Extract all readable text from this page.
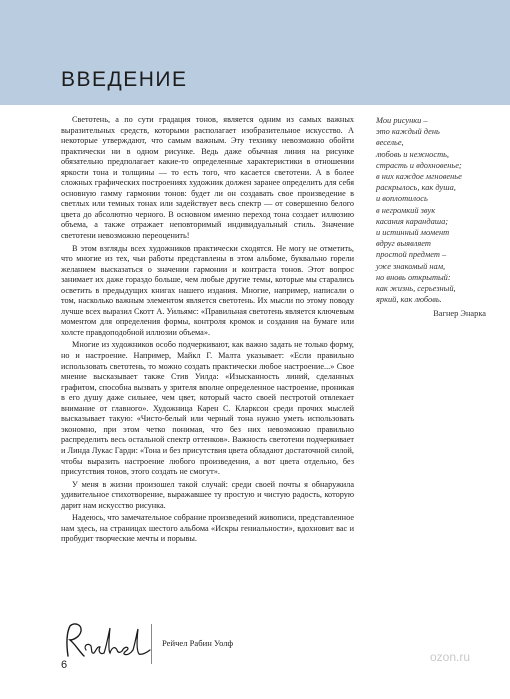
ВВЕДЕНИЕ

Светотень, а по сути градация тонов, является одним из самых важных выразительных средств, которыми располагает изобразительное искусство. А некоторые утверждают, что самым важным. Эту технику невозможно обойти практически ни в одном рисунке. Ведь даже обычная линия на рисунке обязательно предполагает какие-то определенные характеристики в отношении яркости тона и толщины — то есть того, что касается светотени. А в более сложных графических построениях художник должен заранее определить для себя основную гамму гармонии тонов: будет ли он создавать свое произведение в светлых или темных тонах или задействует весь спектр — от совершенно белого цвета до абсолютно черного. В основном именно переход тона создает иллюзию объема, а также отражает неповторимый индивидуальный стиль. Значение светотени невозможно переоценить!

В этом взгляды всех художников практически сходятся. Не могу не отметить, что многие из тех, чьи работы представлены в этом альбоме, буквально горели желанием высказаться о значении гармонии и контраста тонов. Этот вопрос занимает их даже гораздо больше, чем любые другие темы, которые мы старались осветить в предыдущих книгах нашего издания. Многие, например, написали о том, насколько важным элементом является светотень. Их мысли по этому поводу лучше всех выразил Скотт А. Уильямс: «Правильная светотень является ключевым моментом для определения формы, контроля кромок и создания на бумаге или холсте правдоподобной иллюзии объема».

Многие из художников особо подчеркивают, как важно задать не только форму, но и настроение. Например, Майкл Г. Малта указывает: «Если правильно использовать светотень, то можно создать практически любое настроение...» Свое мнение высказывает также Стив Уилда: «Изысканность линий, сделанных графитом, способна вызвать у зрителя вполне определенное настроение, проникая в его душу даже сильнее, чем цвет, который часто своей пестротой отвлекает внимание от главного». Художница Карен С. Кларксон среди прочих мыслей высказывает такую: «Чисто-белый или черный тона нужно уметь использовать экономно, при этом четко понимая, что без них невозможно правильно распределить весь остальной спектр оттенков». Важность светотени подчеркивает и Линда Лукас Гарди: «Тона и без присутствия цвета обладают достаточной силой, чтобы выразить настроение любого произведения, а вот цвета отдельно, без присутствия тонов, этого создать не смогут».

У меня в жизни произошел такой случай: среди своей почты я обнаружила удивительное стихотворение, выражавшее ту простую и чистую радость, которую дарит нам искусство рисунка.

Надеюсь, что замечательное собрание произведений живописи, представленное нам здесь, на страницах шестого альбома «Искры гениальности», вдохновит вас и пробудит творческие мечты и порывы.

Мои рисунки –
это каждый день
веселье,
любовь и нежность,
страсть и вдохновенье;
в них каждое мгновенье
раскрылось, как душа,
и воплотилось
в негромкий звук
касания карандаша;
и истинный момент
вдруг выявляет
простой предмет –
уже знакомый нам,
но вновь открытый:
как жизнь, серьезный,
яркий, как любовь.
Вагнер Энарка
Рейчел Рабин Уолф
6
ozon.ru
